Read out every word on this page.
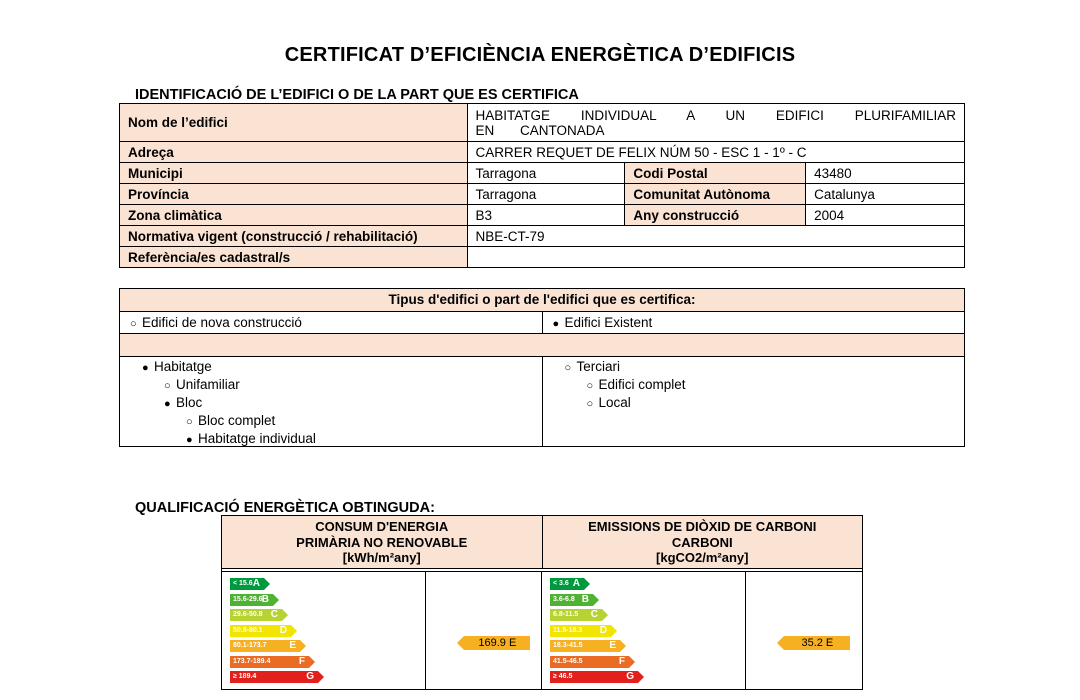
CERTIFICAT D’EFICIÈNCIA ENERGÈTICA D’EDIFICIS
IDENTIFICACIÓ DE L’EDIFICI O DE LA PART QUE ES CERTIFICA
Nom de l’edifici	HABITATGE INDIVIDUAL A UN EDIFICI PLURIFAMILIAR EN CANTONADA		
Adreça	CARRER REQUET DE FELIX NÚM 50 - ESC 1 - 1º - C		
Municipi	Tarragona	Codi Postal	43480
Província	Tarragona	Comunitat Autònoma	Catalunya
Zona climàtica	B3	Any construcció	2004
Normativa vigent (construcció / rehabilitació)	NBE-CT-79		
Referència/es cadastral/s			
Tipus d'edifici o part de l'edifici que es certifica:
○ Edifici de nova construcció	● Edifici Existent
● Habitatge
○ Unifamiliar
● Bloc
○ Bloc complet
● Habitatge individual
○ Terciari
○ Edifici complet
○ Local
QUALIFICACIÓ ENERGÈTICA OBTINGUDA:
CONSUM D'ENERGIA
PRIMÀRIA NO RENOVABLE
[kWh/m²any]
EMISSIONS DE DIÒXID DE CARBONI
CARBONI
[kgCO2/m²any]
< 15.6 A
15.6-29.6 B
29.6-50.8 C
50.8-80.1 D
80.1-173.7 E
173.7-189.4	F
≥ 189.4	G
169.9 E
< 3.6 A
3.6-6.8 B
6.8-11.5 C
11.5-18.3 D
18.3-41.5	E
41.5-46.5	F
≥ 46.5	G
35.2 E
